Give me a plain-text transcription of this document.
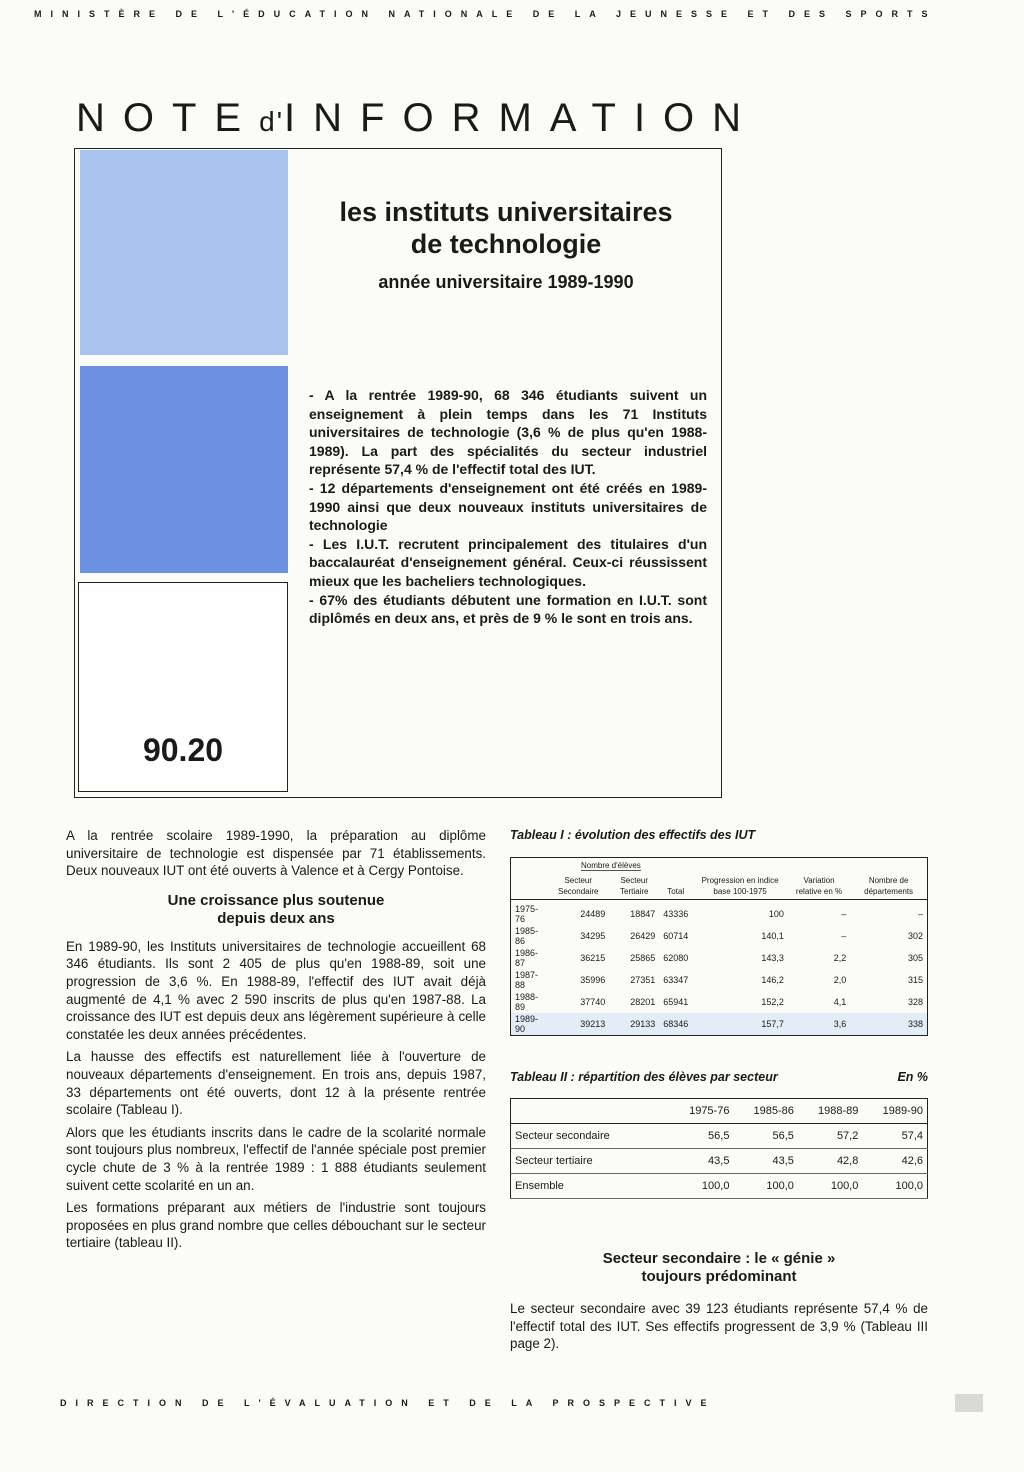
MINISTÈRE DE L'ÉDUCATION NATIONALE DE LA JEUNESSE ET DES SPORTS
NOTEd'INFORMATION
90.20
les instituts universitaires
de technologie
année universitaire 1989-1990

- A la rentrée 1989-90, 68 346 étudiants suivent un enseignement à plein temps dans les 71 Instituts universitaires de technologie (3,6 % de plus qu'en 1988-1989). La part des spécialités du secteur industriel représente 57,4 % de l'effectif total des IUT.

- 12 départements d'enseignement ont été créés en 1989-1990 ainsi que deux nouveaux instituts universitaires de technologie

- Les I.U.T. recrutent principalement des titulaires d'un baccalauréat d'enseignement général. Ceux-ci réussissent mieux que les bacheliers technologiques.

- 67% des étudiants débutent une formation en I.U.T. sont diplômés en deux ans, et près de 9 % le sont en trois ans.

A la rentrée scolaire 1989-1990, la préparation au diplôme universitaire de technologie est dispensée par 71 établissements. Deux nouveaux IUT ont été ouverts à Valence et à Cergy Pontoise.

Une croissance plus soutenue
depuis deux ans

En 1989-90, les Instituts universitaires de technologie accueillent 68 346 étudiants. Ils sont 2 405 de plus qu'en 1988-89, soit une progression de 3,6 %. En 1988-89, l'effectif des IUT avait déjà augmenté de 4,1 % avec 2 590 inscrits de plus qu'en 1987-88. La croissance des IUT est depuis deux ans légèrement supérieure à celle constatée les deux années précédentes.

La hausse des effectifs est naturellement liée à l'ouverture de nouveaux départements d'enseignement. En trois ans, depuis 1987, 33 départements ont été ouverts, dont 12 à la présente rentrée scolaire (Tableau I).

Alors que les étudiants inscrits dans le cadre de la scolarité normale sont toujours plus nombreux, l'effectif de l'année spéciale post premier cycle chute de 3 % à la rentrée 1989 : 1 888 étudiants seulement suivent cette scolarité en un an.

Les formations préparant aux métiers de l'industrie sont toujours proposées en plus grand nombre que celles débouchant sur le secteur tertiaire (tableau II).

Tableau I : évolution des effectifs des IUT
Nombre d'élèves				Progression en indice base 100-1975	Variation relative en %	Nombre de départements
	Secteur Secondaire	Secteur Tertiaire	Total			
1975-76	24489	18847	43336	100	–	–
1985-86	34295	26429	60714	140,1	–	302
1986-87	36215	25865	62080	143,3	2,2	305
1987-88	35996	27351	63347	146,2	2,0	315
1988-89	37740	28201	65941	152,2	4,1	328
1989-90	39213	29133	68346	157,7	3,6	338
Tableau II : répartition des élèves par secteur	En %
	1975-76	1985-86	1988-89	1989-90
Secteur secondaire	56,5	56,5	57,2	57,4
Secteur tertiaire	43,5	43,5	42,8	42,6
Ensemble	100,0	100,0	100,0	100,0
Secteur secondaire : le « génie »
toujours prédominant

Le secteur secondaire avec 39 123 étudiants représente 57,4 % de l'effectif total des IUT. Ses effectifs progressent de 3,9 % (Tableau III page 2).

DIRECTION DE L'ÉVALUATION ET DE LA PROSPECTIVE
